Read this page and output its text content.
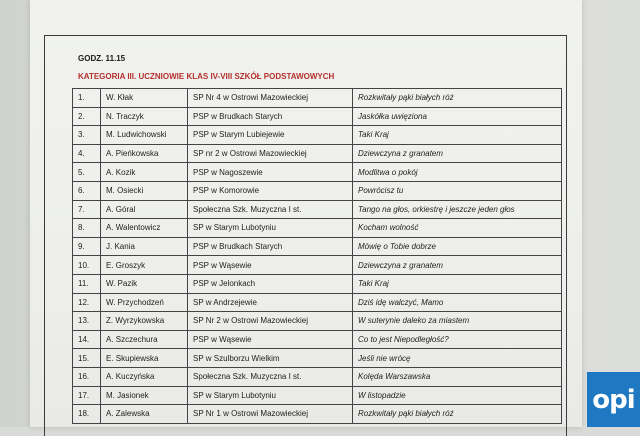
GODZ. 11.15
KATEGORIA III. UCZNIOWIE KLAS IV-VIII SZKÓŁ PODSTAWOWYCH
1.	W. Kłak	SP Nr 4 w Ostrowi Mazowieckiej	Rozkwitały pąki białych róż
2.	N. Traczyk	PSP w Brudkach Starych	Jaskółka uwięziona
3.	M. Ludwichowski	PSP w Starym Lubiejewie	Taki Kraj
4.	A. Pieńkowska	SP nr 2 w Ostrowi Mazowieckiej	Dziewczyna z granatem
5.	A. Kozik	PSP w Nagoszewie	Modlitwa o pokój
6.	M. Osiecki	PSP w Komorowie	Powrócisz tu
7.	A. Góral	Społeczna Szk. Muzyczna I st.	Tango na głos, orkiestrę i jeszcze jeden głos
8.	A. Walentowicz	SP w Starym Lubotyniu	Kocham wolność
9.	J. Kania	PSP w Brudkach Starych	Mówię o Tobie dobrze
10.	E. Groszyk	PSP w Wąsewie	Dziewczyna z granatem
11.	W. Pazik	PSP w Jelonkach	Taki Kraj
12.	W. Przychodzeń	SP w Andrzejewie	Dziś idę walczyć, Mamo
13.	Z. Wyrzykowska	SP Nr 2 w Ostrowi Mazowieckiej	W suterynie daleko za miastem
14.	A. Szczechura	PSP w Wąsewie	Co to jest Niepodległość?
15.	E. Skupiewska	SP w Szulborzu Wielkim	Jeśli nie wrócę
16.	A. Kuczyńska	Społeczna Szk. Muzyczna I st.	Kolęda Warszawska
17.	M. Jasionek	SP w Starym Lubotyniu	W listopadzie
18.	A. Zalewska	SP Nr 1 w Ostrowi Mazowieckiej	Rozkwitały pąki białych róż	opi
